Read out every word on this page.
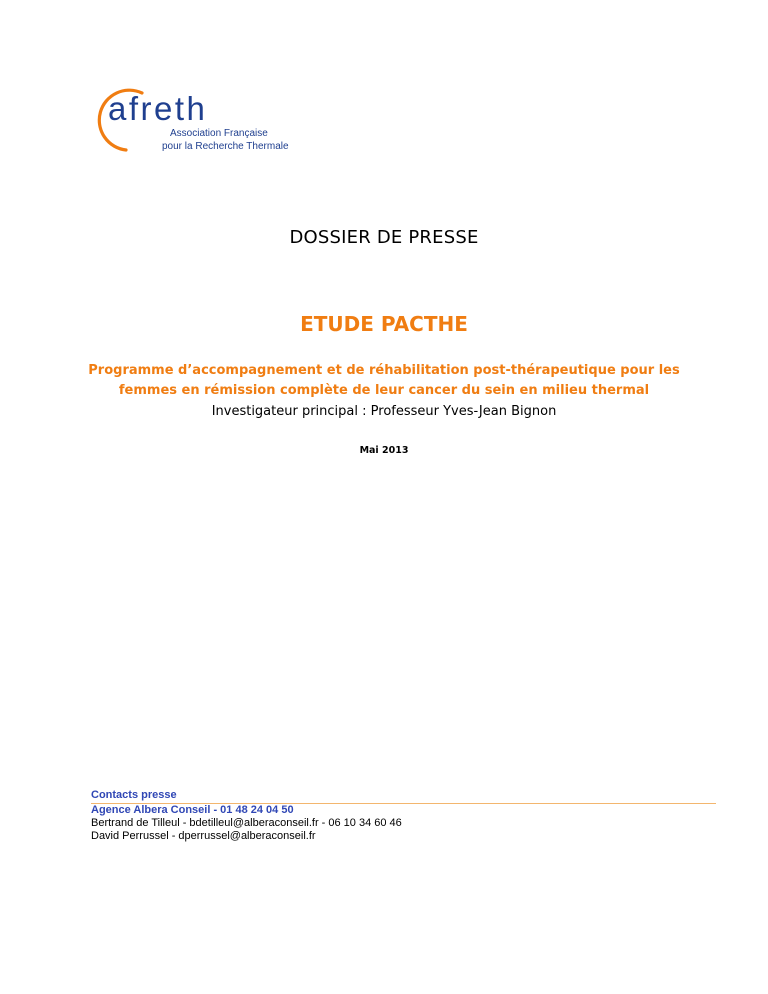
afreth
Association Française
pour la Recherche Thermale
DOSSIER DE PRESSE
ETUDE PACTHE
Programme d’accompagnement et de réhabilitation post-thérapeutique pour les femmes en rémission complète de leur cancer du sein en milieu thermal
Investigateur principal : Professeur Yves-Jean Bignon
Mai 2013
Contacts presse
Agence Albera Conseil - 01 48 24 04 50
Bertrand de Tilleul - bdetilleul@alberaconseil.fr - 06 10 34 60 46
David Perrussel - dperrussel@alberaconseil.fr
